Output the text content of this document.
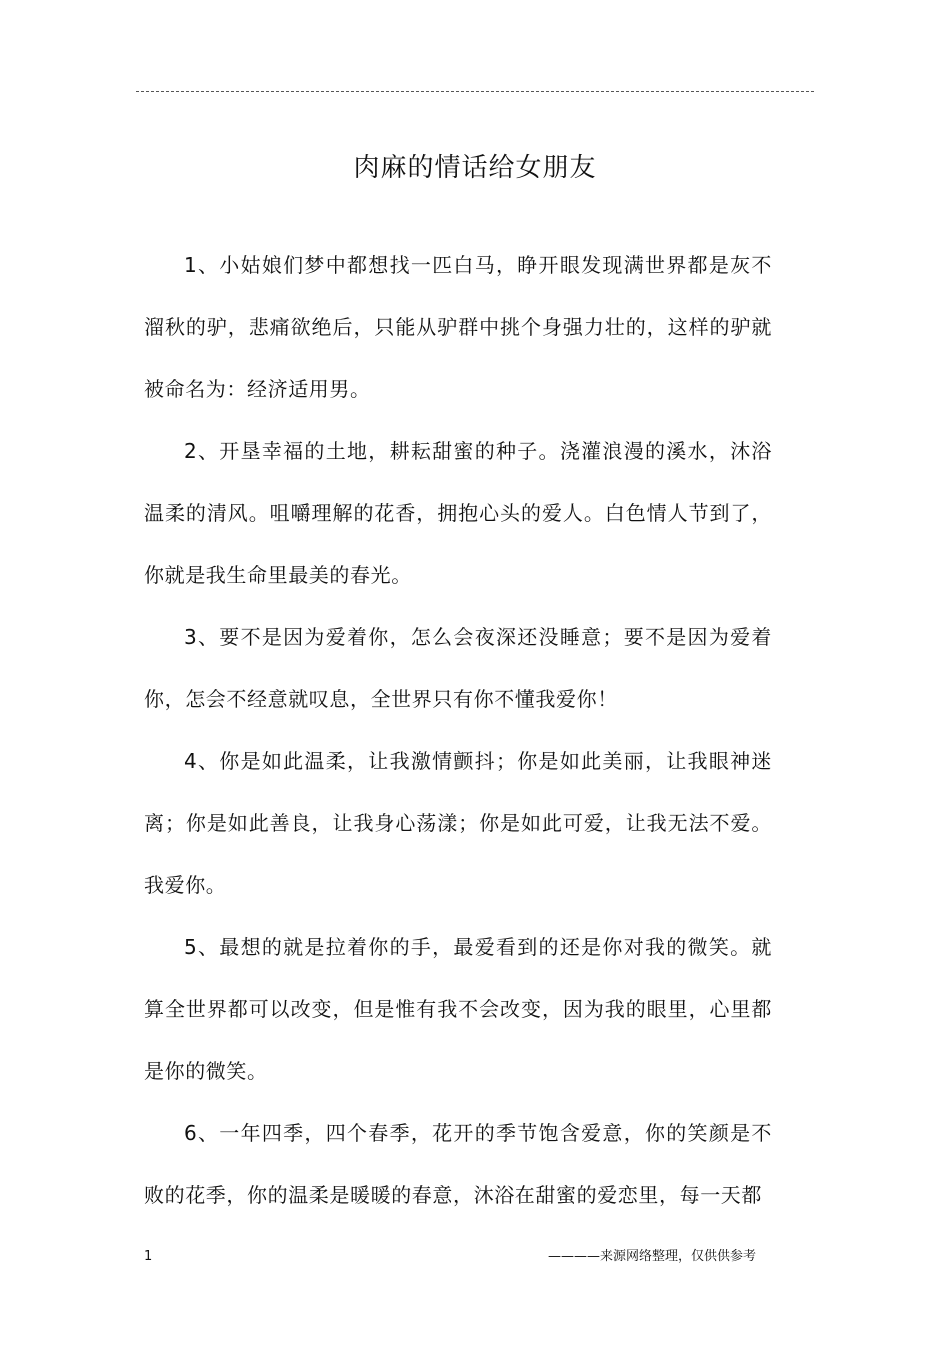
肉麻的情话给女朋友

1、小姑娘们梦中都想找一匹白马，睁开眼发现满世界都是灰不溜秋的驴，悲痛欲绝后，只能从驴群中挑个身强力壮的，这样的驴就被命名为：经济适用男。

2、开垦幸福的土地，耕耘甜蜜的种子。浇灌浪漫的溪水，沐浴温柔的清风。咀嚼理解的花香，拥抱心头的爱人。白色情人节到了，你就是我生命里最美的春光。

3、要不是因为爱着你，怎么会夜深还没睡意；要不是因为爱着你，怎会不经意就叹息，全世界只有你不懂我爱你！

4、你是如此温柔，让我激情颤抖；你是如此美丽，让我眼神迷离；你是如此善良，让我身心荡漾；你是如此可爱，让我无法不爱。我爱你。

5、最想的就是拉着你的手，最爱看到的还是你对我的微笑。就算全世界都可以改变，但是惟有我不会改变，因为我的眼里，心里都是你的微笑。

6、一年四季，四个春季，花开的季节饱含爱意，你的笑颜是不败的花季，你的温柔是暖暖的春意，沐浴在甜蜜的爱恋里，每一天都

1	————来源网络整理，仅供供参考
